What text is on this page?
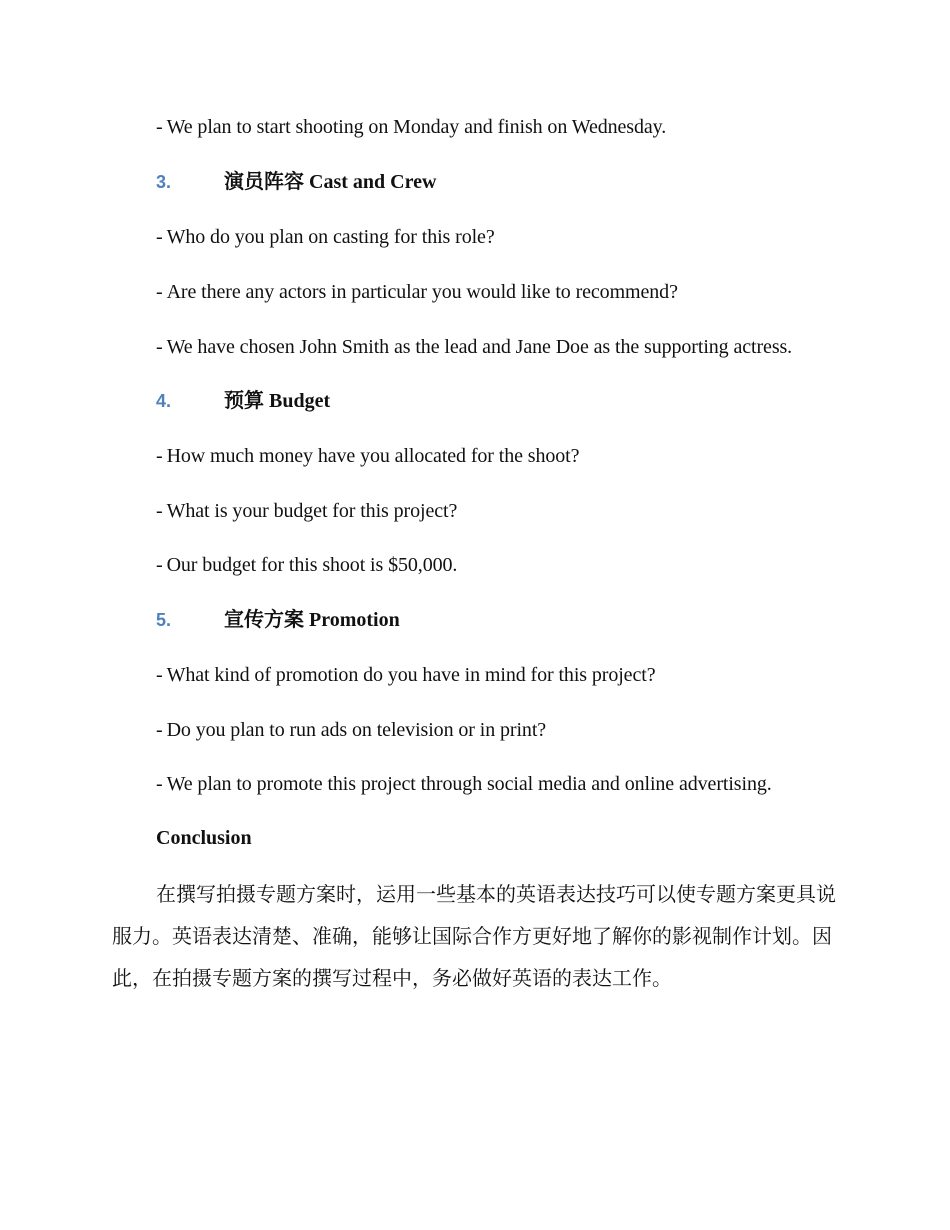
- We plan to start shooting on Monday and finish on Wednesday.
3.	演员阵容 Cast and Crew
- Who do you plan on casting for this role?
- Are there any actors in particular you would like to recommend?
- We have chosen John Smith as the lead and Jane Doe as the supporting actress.
4.	预算 Budget
- How much money have you allocated for the shoot?
- What is your budget for this project?
- Our budget for this shoot is $50,000.
5.	宣传方案 Promotion
- What kind of promotion do you have in mind for this project?
- Do you plan to run ads on television or in print?
- We plan to promote this project through social media and online advertising.
Conclusion
在撰写拍摄专题方案时，运用一些基本的英语表达技巧可以使专题方案更具说服力。英语表达清楚、准确，能够让国际合作方更好地了解你的影视制作计划。因此，在拍摄专题方案的撰写过程中，务必做好英语的表达工作。
